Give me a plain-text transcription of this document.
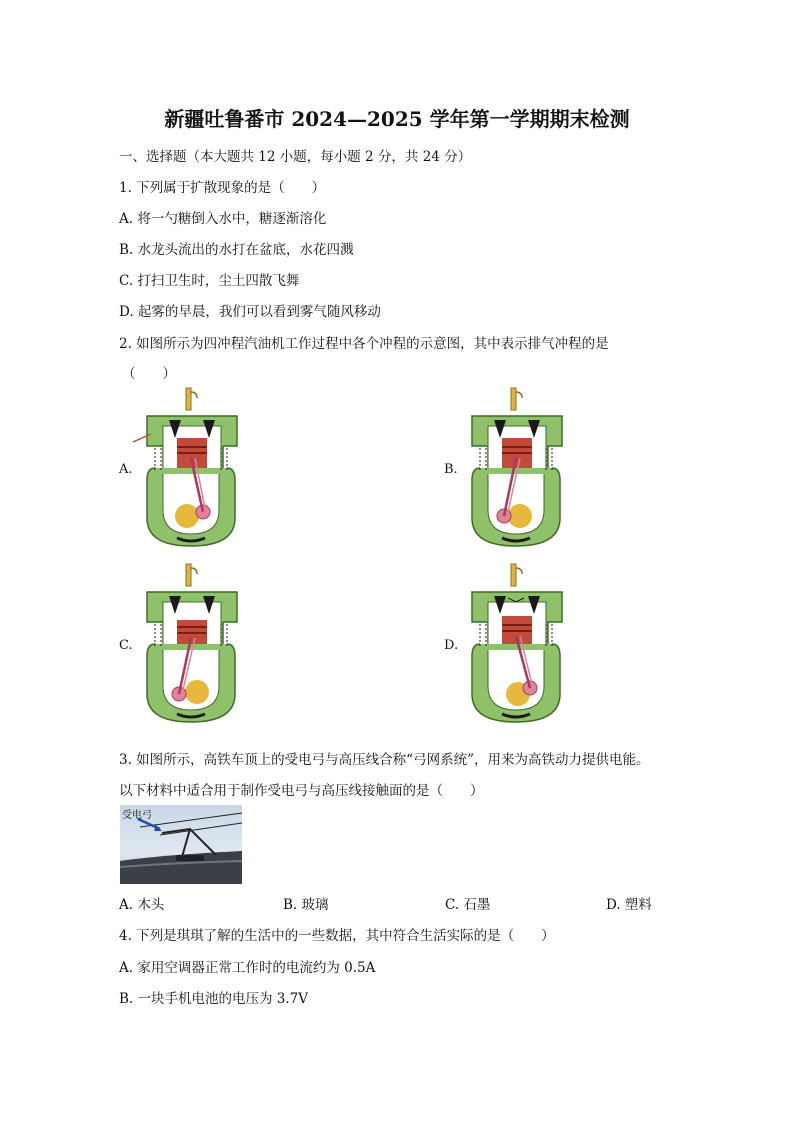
新疆吐鲁番市 2024—2025 学年第一学期期末检测
一、选择题（本大题共 12 小题，每小题 2 分，共 24 分）
1. 下列属于扩散现象的是（　　）
A. 将一勺糖倒入水中，糖逐渐溶化
B. 水龙头流出的水打在盆底，水花四溅
C. 打扫卫生时，尘土四散飞舞
D. 起雾的早晨，我们可以看到雾气随风移动
2. 如图所示为四冲程汽油机工作过程中各个冲程的示意图，其中表示排气冲程的是
（　　）
A.	B.
C.	D.
3. 如图所示，高铁车顶上的受电弓与高压线合称“弓网系统”，用来为高铁动力提供电能。
以下材料中适合用于制作受电弓与高压线接触面的是（　　）
受电弓
A. 木头	B. 玻璃	C. 石墨	D. 塑料
4. 下列是琪琪了解的生活中的一些数据，其中符合生活实际的是（　　）
A. 家用空调器正常工作时的电流约为 0.5A
B. 一块手机电池的电压为 3.7V
